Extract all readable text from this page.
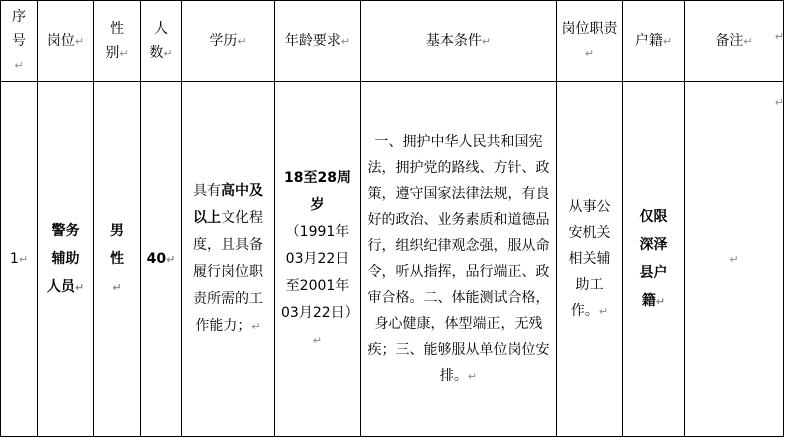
序号↵	岗位↵	性别↵	人数↵	学历↵	年龄要求↵	基本条件↵	岗位职责↵	户籍↵	备注↵
1↵	警务辅助人员↵	男性↵	40↵	具有高中及以上文化程度，且具备履行岗位职责所需的工作能力；↵	18至28周岁
（1991年03月22日至2001年03月22日）↵	一、拥护中华人民共和国宪法，拥护党的路线、方针、政策，遵守国家法律法规，有良好的政治、业务素质和道德品行，组织纪律观念强，服从命令，听从指挥，品行端正、政审合格。二、体能测试合格，身心健康，体型端正，无残疾；三、能够服从单位岗位安排。↵	从事公安机关相关辅助工作。↵	仅限深泽县户籍↵	↵
↵
↵
